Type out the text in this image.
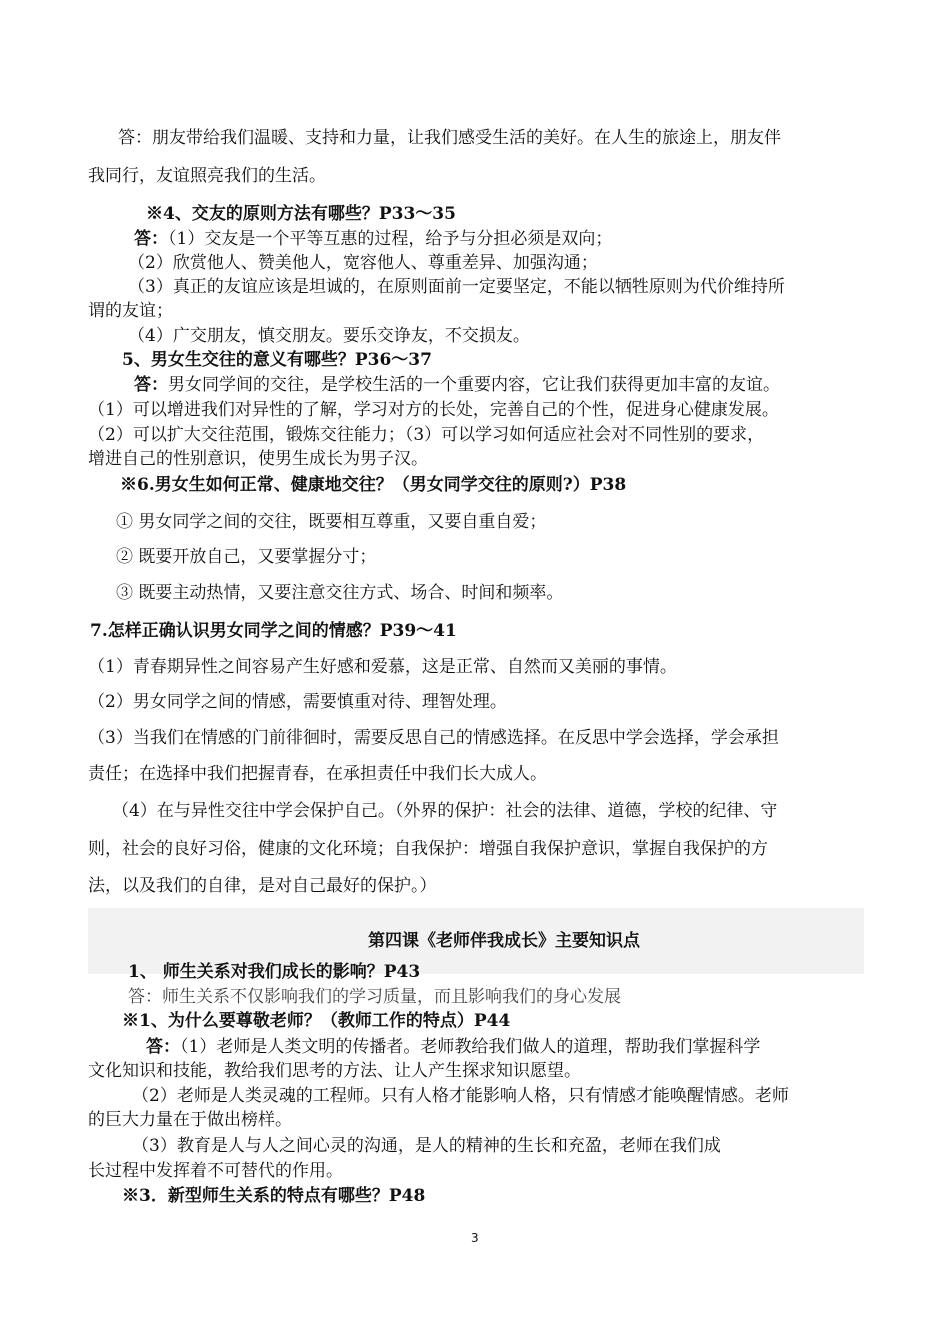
答：朋友带给我们温暖、支持和力量，让我们感受生活的美好。在人生的旅途上，朋友伴
我同行，友谊照亮我们的生活。
※4、交友的原则方法有哪些？P33～35
答：（1）交友是一个平等互惠的过程，给予与分担必须是双向；
（2）欣赏他人、赞美他人，宽容他人、尊重差异、加强沟通；
（3）真正的友谊应该是坦诚的，在原则面前一定要坚定，不能以牺牲原则为代价维持所
谓的友谊；
（4）广交朋友，慎交朋友。要乐交诤友，不交损友。
5、男女生交往的意义有哪些？P36～37
答：男女同学间的交往，是学校生活的一个重要内容，它让我们获得更加丰富的友谊。
（1）可以增进我们对异性的了解，学习对方的长处，完善自己的个性，促进身心健康发展。
（2）可以扩大交往范围，锻炼交往能力；（3）可以学习如何适应社会对不同性别的要求，
增进自己的性别意识，使男生成长为男子汉。
※6.男女生如何正常、健康地交往？（男女同学交往的原则?）P38
① 男女同学之间的交往，既要相互尊重，又要自重自爱；
② 既要开放自己，又要掌握分寸；
③ 既要主动热情，又要注意交往方式、场合、时间和频率。
7.怎样正确认识男女同学之间的情感？P39～41
（1）青春期异性之间容易产生好感和爱慕，这是正常、自然而又美丽的事情。
（2）男女同学之间的情感，需要慎重对待、理智处理。
（3）当我们在情感的门前徘徊时，需要反思自己的情感选择。在反思中学会选择，学会承担
责任；在选择中我们把握青春，在承担责任中我们长大成人。
（4）在与异性交往中学会保护自己。（外界的保护：社会的法律、道德，学校的纪律、守
则，社会的良好习俗，健康的文化环境；自我保护：增强自我保护意识，掌握自我保护的方
法，以及我们的自律，是对自己最好的保护。）
第四课《老师伴我成长》主要知识点
1、 师生关系对我们成长的影响？P43
答：师生关系不仅影响我们的学习质量，而且影响我们的身心发展
※1、为什么要尊敬老师？（教师工作的特点）P44
答：（1）老师是人类文明的传播者。老师教给我们做人的道理，帮助我们掌握科学
文化知识和技能，教给我们思考的方法、让人产生探求知识愿望。
（2）老师是人类灵魂的工程师。只有人格才能影响人格，只有情感才能唤醒情感。老师
的巨大力量在于做出榜样。
（3）教育是人与人之间心灵的沟通，是人的精神的生长和充盈，老师在我们成
长过程中发挥着不可替代的作用。
※3．新型师生关系的特点有哪些？P48
3
